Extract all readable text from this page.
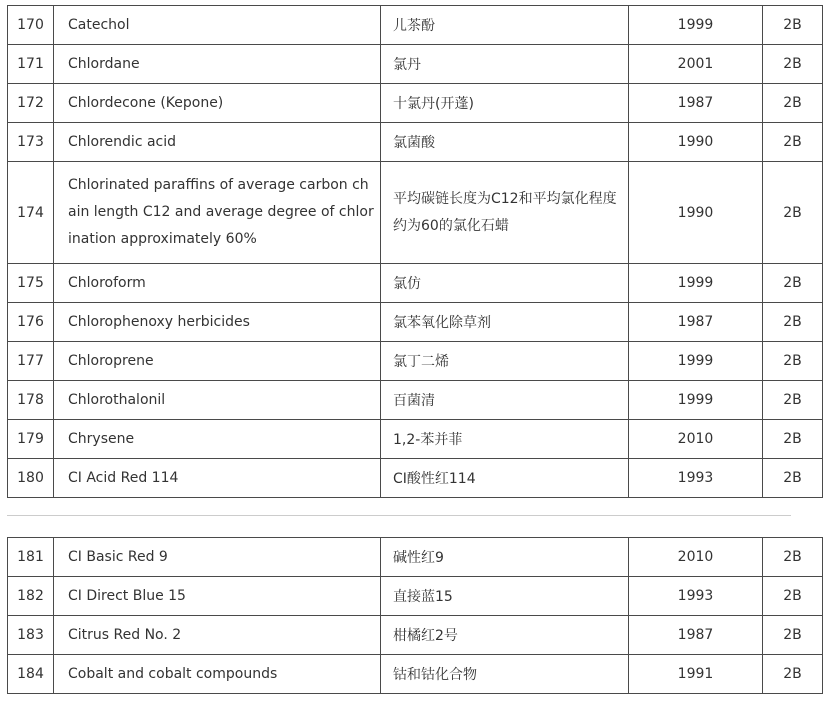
170	Catechol	儿茶酚	1999	2B
171	Chlordane	氯丹	2001	2B
172	Chlordecone (Kepone)	十氯丹(开蓬)	1987	2B
173	Chlorendic acid	氯菌酸	1990	2B
174	Chlorinated paraffins of average carbon chain length C12 and average degree of chlorination approximately 60%	平均碳链长度为C12和平均氯化程度约为60的氯化石蜡	1990	2B
175	Chloroform	氯仿	1999	2B
176	Chlorophenoxy herbicides	氯苯氧化除草剂	1987	2B
177	Chloroprene	氯丁二烯	1999	2B
178	Chlorothalonil	百菌清	1999	2B
179	Chrysene	1,2-苯并菲	2010	2B
180	CI Acid Red 114	CI酸性红114	1993	2B
181	CI Basic Red 9	碱性红9	2010	2B
182	CI Direct Blue 15	直接蓝15	1993	2B
183	Citrus Red No. 2	柑橘红2号	1987	2B
184	Cobalt and cobalt compounds	钴和钴化合物	1991	2B
